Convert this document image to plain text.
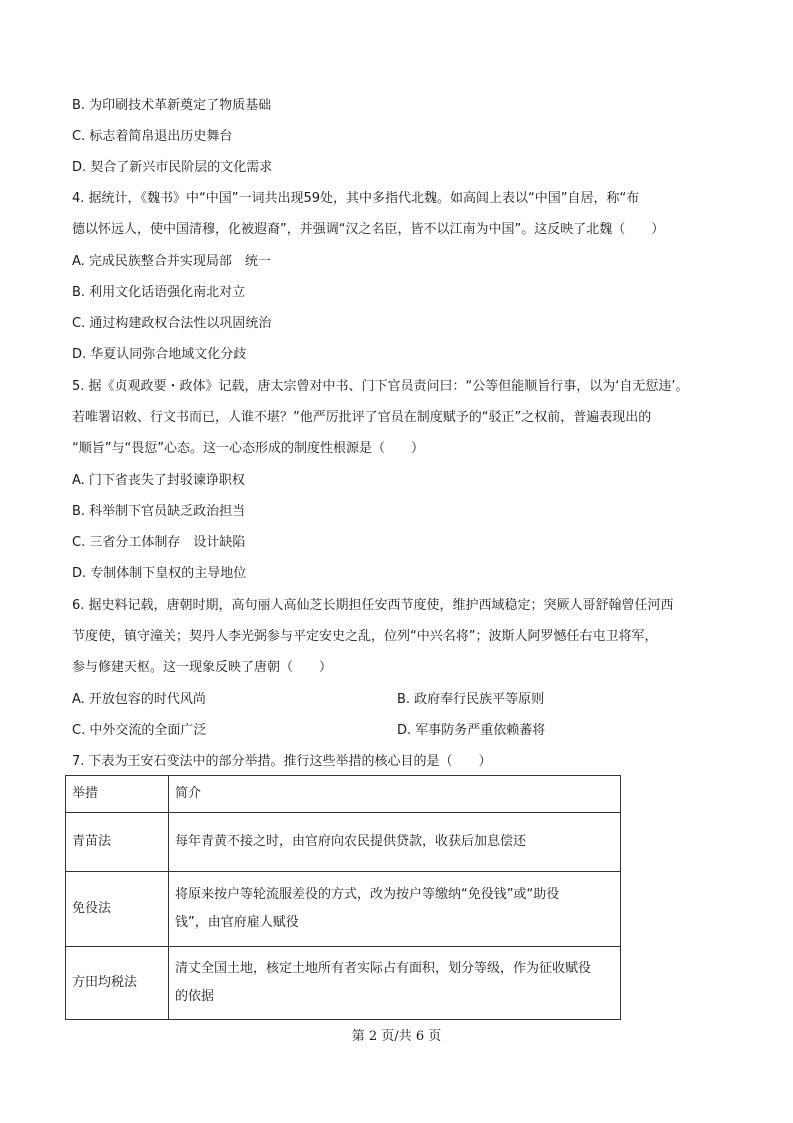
B. 为印刷技术革新奠定了物质基础
C. 标志着简帛退出历史舞台
D. 契合了新兴市民阶层的文化需求
4. 据统计，《魏书》中“中国”一词共出现59处，其中多指代北魏。如高闾上表以“中国”自居，称“布
德以怀远人，使中国清穆，化被遐裔”，并强调“汉之名臣，皆不以江南为中国”。这反映了北魏（　　）
A. 完成民族整合并实现局部　统一
B. 利用文化话语强化南北对立
C. 通过构建政权合法性以巩固统治
D. 华夏认同弥合地域文化分歧
5. 据《贞观政要・政体》记载，唐太宗曾对中书、门下官员责问曰：“公等但能顺旨行事，以为‘自无愆违’。
若唯署诏敕、行文书而已，人谁不堪？”他严厉批评了官员在制度赋予的“驳正”之权前，普遍表现出的
“顺旨”与“畏愆”心态。这一心态形成的制度性根源是（　　）
A. 门下省丧失了封驳谏诤职权
B. 科举制下官员缺乏政治担当
C. 三省分工体制存　设计缺陷
D. 专制体制下皇权的主导地位
6. 据史料记载，唐朝时期，高句丽人高仙芝长期担任安西节度使，维护西域稳定；突厥人哥舒翰曾任河西
节度使，镇守潼关；契丹人李光弼参与平定安史之乱，位列“中兴名将”；波斯人阿罗憾任右屯卫将军，
参与修建天枢。这一现象反映了唐朝（　　）
A. 开放包容的时代风尚	B. 政府奉行民族平等原则
C. 中外交流的全面广泛	D. 军事防务严重依赖蕃将
7. 下表为王安石变法中的部分举措。推行这些举措的核心目的是（　　）
举措	简介
青苗法	每年青黄不接之时，由官府向农民提供贷款，收获后加息偿还

免役法	将原来按户等轮流服差役的方式，改为按户等缴纳“免役钱”或“助役
钱”，由官府雇人赋役

方田均税法	清丈全国土地，核定土地所有者实际占有面积，划分等级，作为征收赋役
的依据
第 2 页/共 6 页
